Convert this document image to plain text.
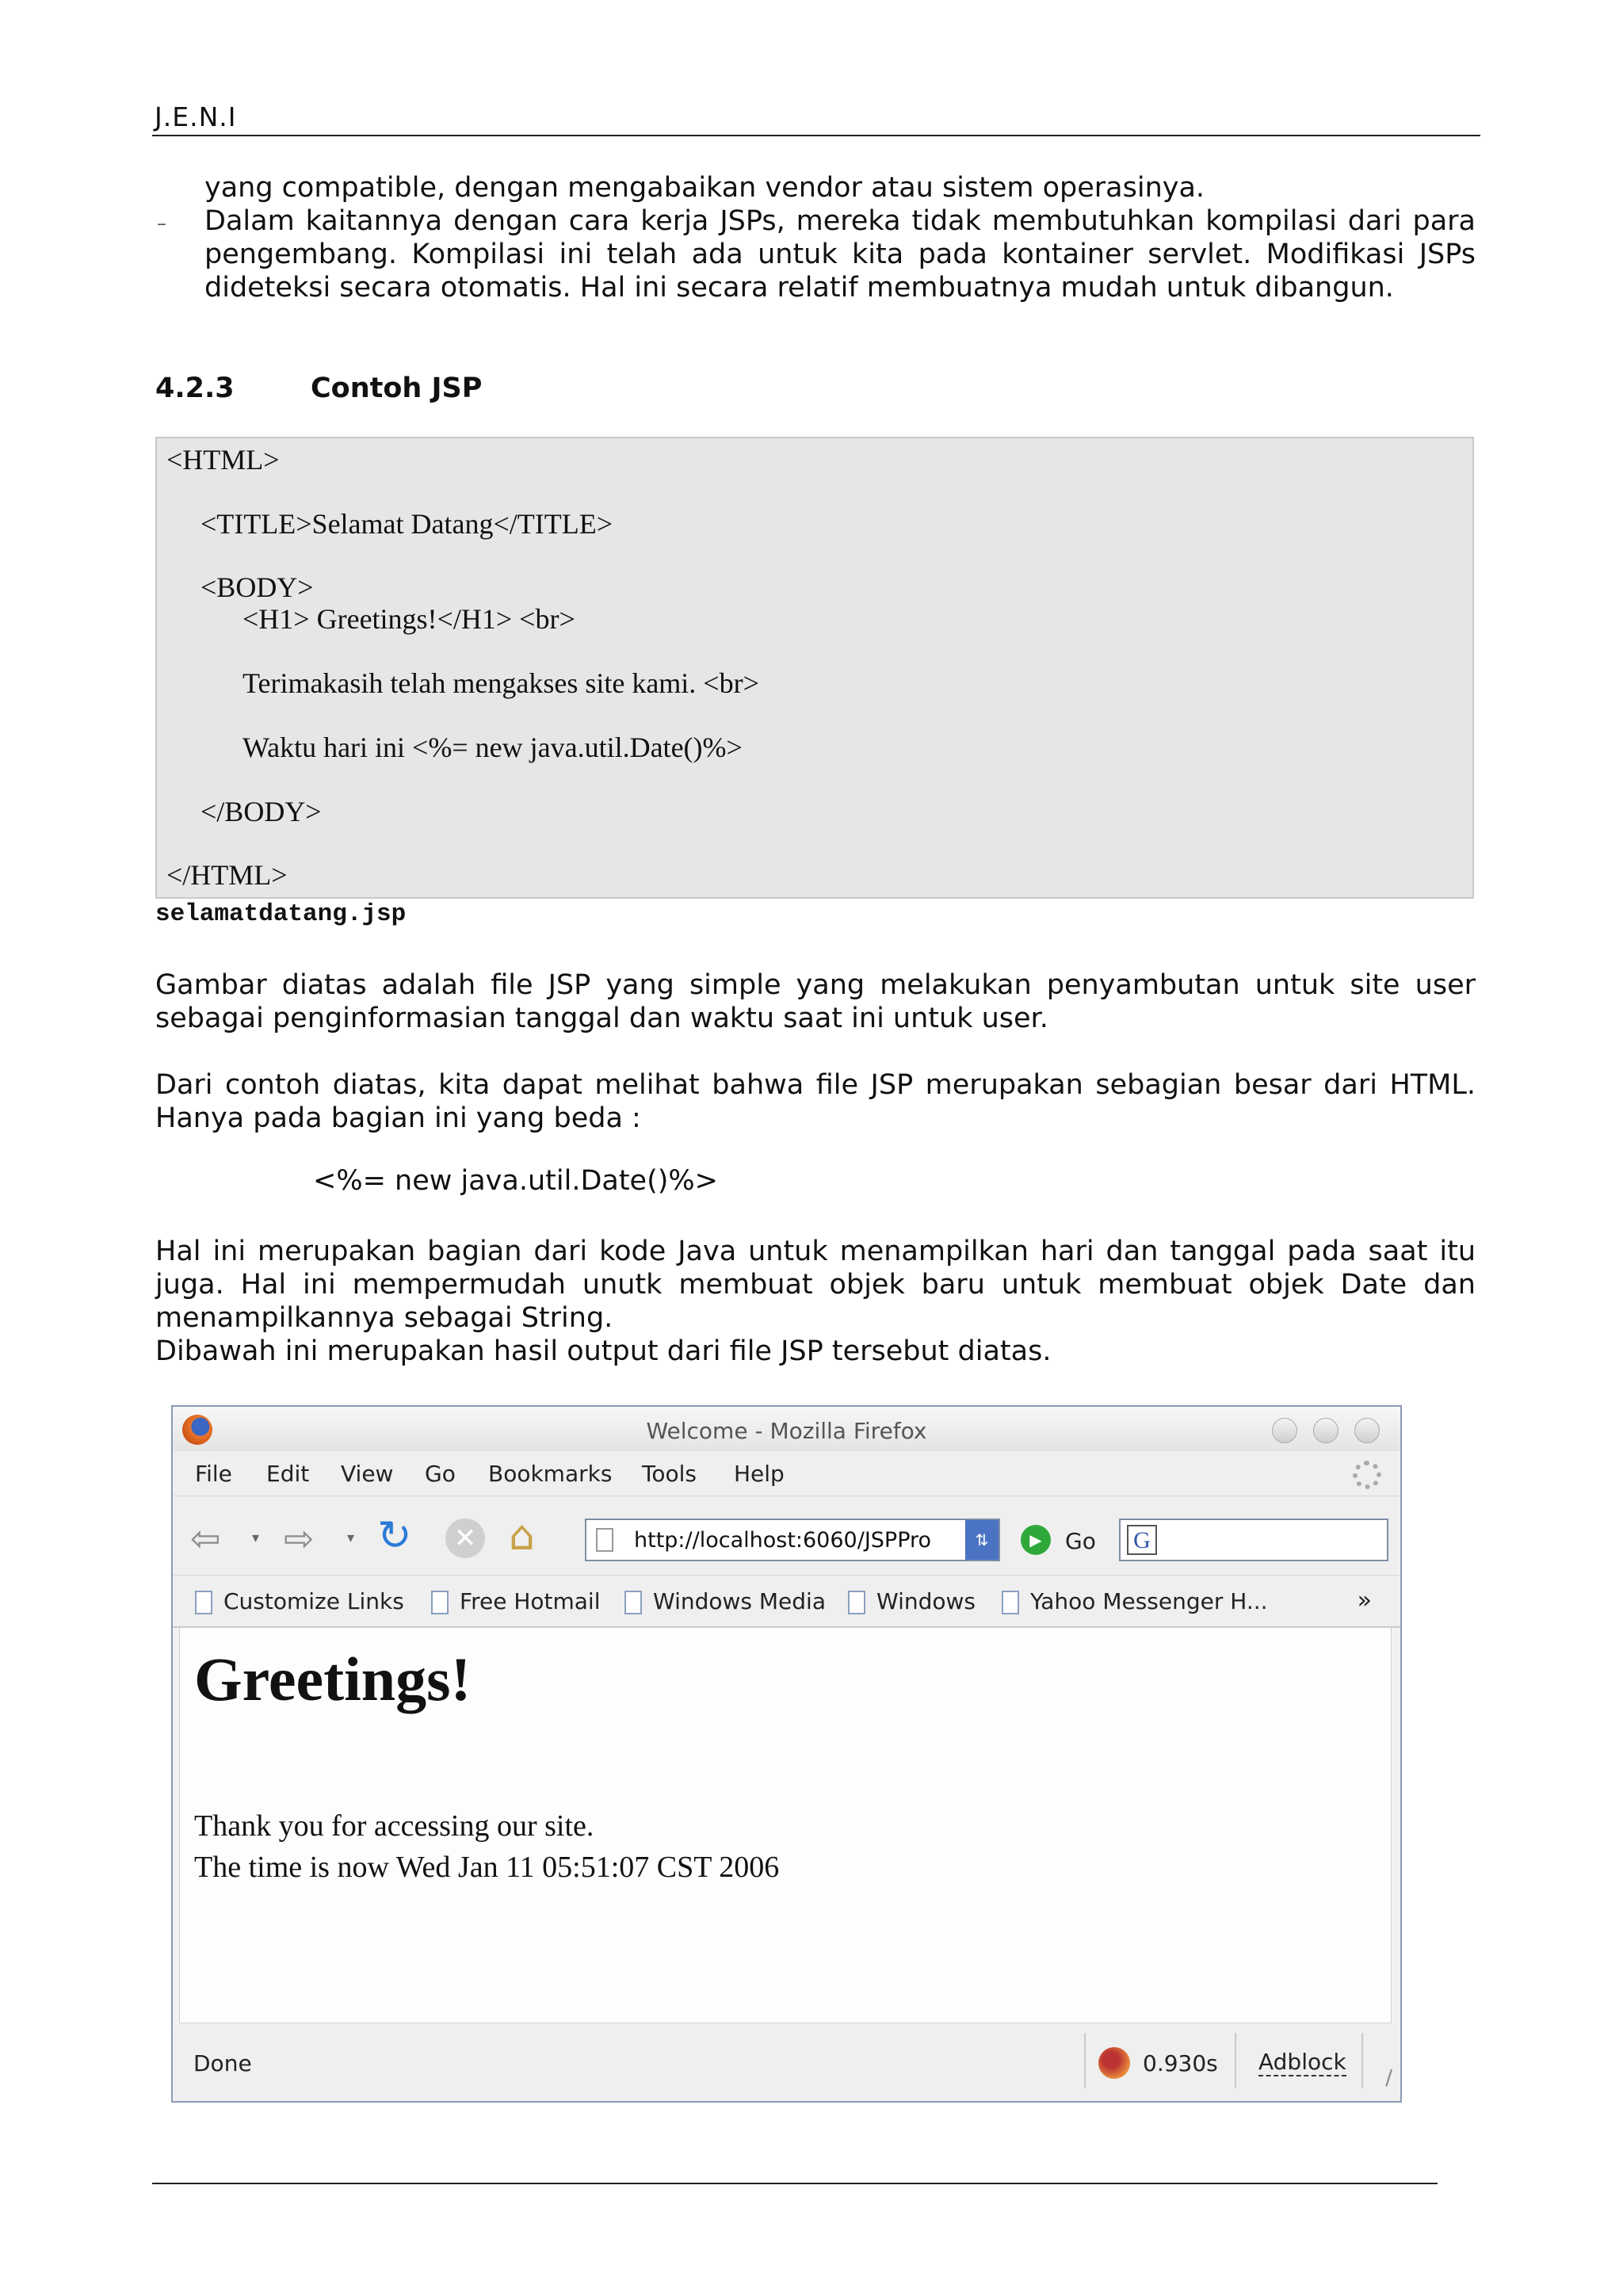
J.E.N.I

yang compatible, dengan mengabaikan vendor atau sistem operasinya.

– Dalam kaitannya dengan cara kerja JSPs, mereka tidak membutuhkan kompilasi dari para pengembang. Kompilasi ini telah ada untuk kita pada kontainer servlet. Modifikasi JSPs dideteksi secara otomatis. Hal ini secara relatif membuatnya mudah untuk dibangun.

4.2.3	Contoh JSP
<HTML>
<TITLE>Selamat Datang</TITLE>
<BODY>
<H1> Greetings!</H1> <br>
Terimakasih telah mengakses site kami. <br>
Waktu hari ini <%= new java.util.Date()%>
</BODY>
</HTML>
selamatdatang.jsp

Gambar diatas adalah file JSP yang simple yang melakukan penyambutan untuk site user sebagai penginformasian tanggal dan waktu saat ini untuk user.

Dari contoh diatas, kita dapat melihat bahwa file JSP merupakan sebagian besar dari HTML. Hanya pada bagian ini yang beda :

<%= new java.util.Date()%>

Hal ini merupakan bagian dari kode Java untuk menampilkan hari dan tanggal pada saat itu juga. Hal ini mempermudah unutk membuat objek baru untuk membuat objek Date dan menampilkannya sebagai String.

Dibawah ini merupakan hasil output dari file JSP tersebut diatas.

Welcome - Mozilla Firefox
File Edit View Go Bookmarks Tools Help
⇦ ▾ ⇨ ▾ ↻	✕ ⌂	http://localhost:6060/JSPPro	⇅	▶	Go G
Customize Links	Free Hotmail	Windows Media	Windows	Yahoo Messenger H...	»
Greetings!
Thank you for accessing our site.
The time is now Wed Jan 11 05:51:07 CST 2006
Done	0.930s Adblock
∕
